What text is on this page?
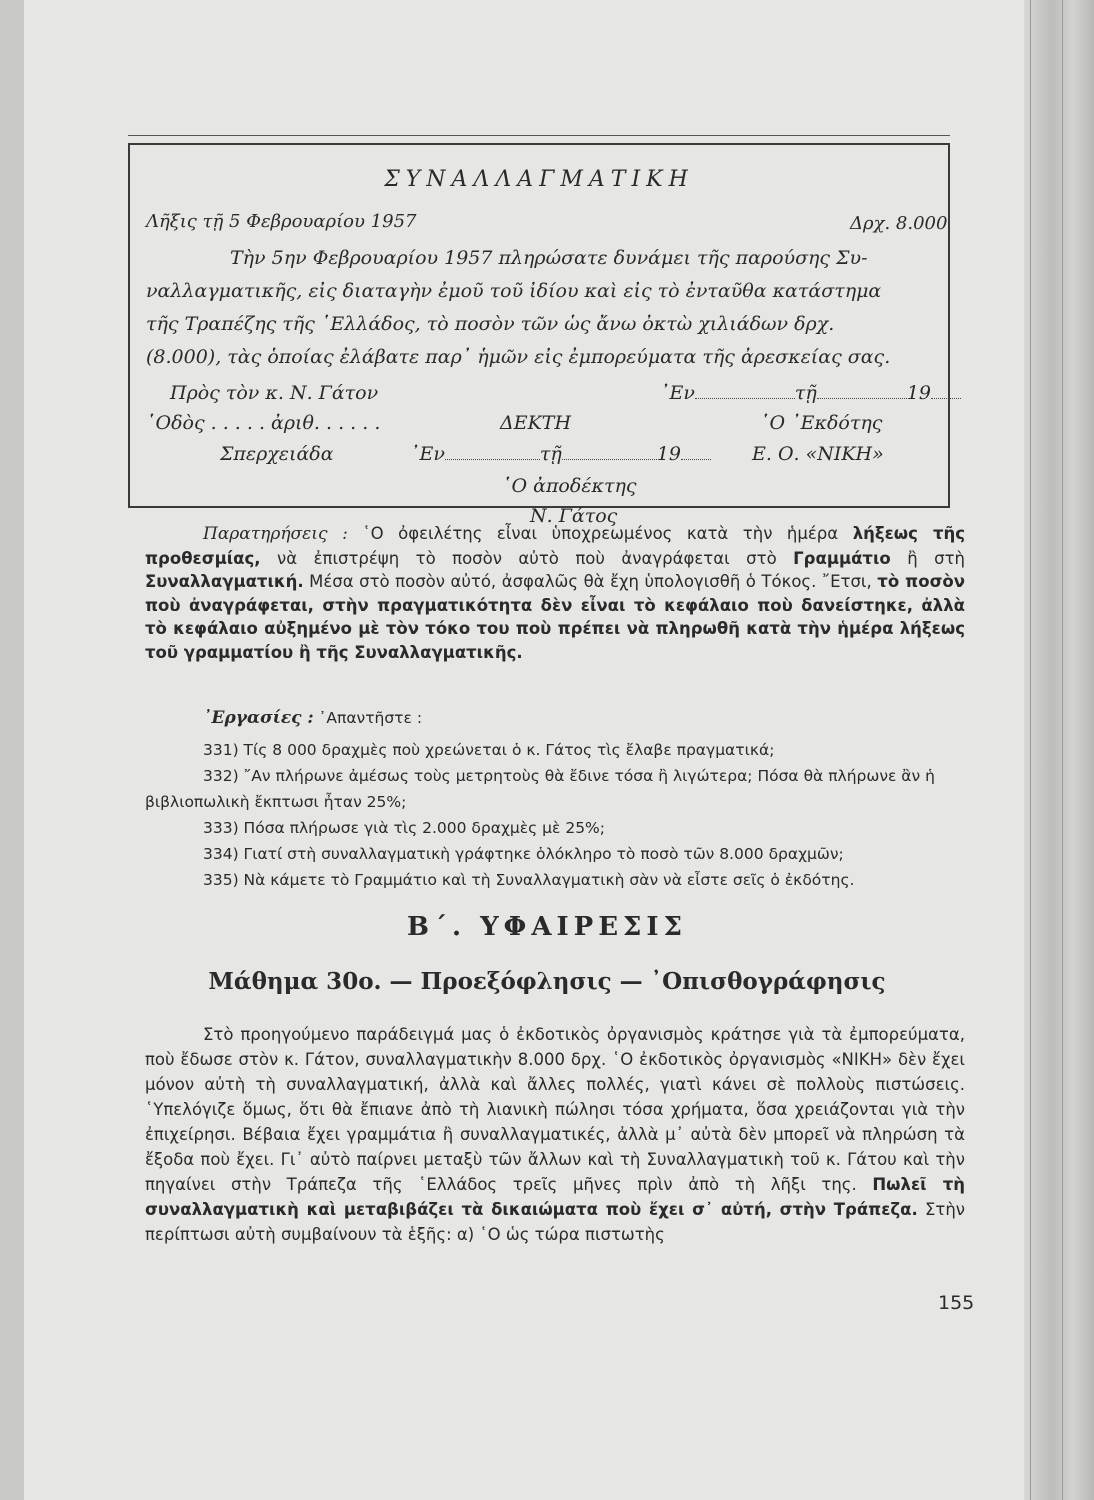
ΣΥΝΑΛΛΑΓΜΑΤΙΚΗ
Λῆξις τῇ 5 Φεβρουαρίου 1957	Δρχ. 8.000
Τὴν 5ην Φεβρουαρίου 1957 πληρώσατε δυνάμει τῆς παρούσης Συ-
ναλλαγματικῆς, εἰς διαταγὴν ἐμοῦ τοῦ ἰδίου καὶ εἰς τὸ ἐνταῦθα κατάστημα
τῆς Τραπέζης τῆς ῾Ελλάδος, τὸ ποσὸν τῶν ὡς ἄνω ὀκτὼ χιλιάδων δρχ.
(8.000), τὰς ὁποίας ἐλάβατε παρ᾽ ἡμῶν εἰς ἐμπορεύματα τῆς ἀρεσκείας σας.
Πρὸς τὸν κ. Ν. Γάτον	᾽Εν	τῇ	19
῾Οδὸς . . . . . ἀριθ. . . . . .	ΔΕΚΤΗ	῾Ο ᾽Εκδότης
Σπερχειάδα	᾽Εν	τῇ	19	Ε. Ο. «ΝΙΚΗ»
῾Ο ἀποδέκτης
Ν. Γάτος

Παρατηρήσεις : ῾Ο ὀφειλέτης εἶναι ὑποχρεωμένος κατὰ τὴν ἡμέρα λήξεως τῆς προθεσμίας, νὰ ἐπιστρέψη τὸ ποσὸν αὐτὸ ποὺ ἀναγράφεται στὸ Γραμμάτιο ἢ στὴ Συναλλαγματική. Μέσα στὸ ποσὸν αὐτό, ἀσφαλῶς θὰ ἔχη ὑπολογισθῆ ὁ Τόκος. ῎Ετσι, τὸ ποσὸν ποὺ ἀναγράφεται, στὴν πραγματικότητα δὲν εἶναι τὸ κεφάλαιο ποὺ δανείστηκε, ἀλλὰ τὸ κεφάλαιο αὐξημένο μὲ τὸν τόκο του ποὺ πρέπει νὰ πληρωθῆ κατὰ τὴν ἡμέρα λήξεως τοῦ γραμματίου ἢ τῆς Συναλλαγματικῆς.

᾽Εργασίες : ᾽Απαντῆστε :

331) Τίς 8 000 δραχμὲς ποὺ χρεώνεται ὁ κ. Γάτος τὶς ἔλαβε πραγματικά;

332) ῎Αν πλήρωνε ἀμέσως τοὺς μετρητοὺς θὰ ἔδινε τόσα ἢ λιγώτερα; Πόσα θὰ πλήρωνε ἂν ἡ βιβλιοπωλικὴ ἔκπτωσι ἦταν 25%;

333) Πόσα πλήρωσε γιὰ τὶς 2.000 δραχμὲς μὲ 25%;

334) Γιατί στὴ συναλλαγματικὴ γράφτηκε ὁλόκληρο τὸ ποσὸ τῶν 8.000 δραχμῶν;

335) Νὰ κάμετε τὸ Γραμμάτιο καὶ τὴ Συναλλαγματικὴ σὰν νὰ εἶστε σεῖς ὁ ἐκδότης.

Β΄. ΥΦΑΙΡΕΣΙΣ
Μάθημα 30ο. — Προεξόφλησις — ᾽Οπισθογράφησις

Στὸ προηγούμενο παράδειγμά μας ὁ ἐκδοτικὸς ὀργανισμὸς κράτησε γιὰ τὰ ἐμπορεύματα, ποὺ ἔδωσε στὸν κ. Γάτον, συναλλαγματικὴν 8.000 δρχ. ῾Ο ἐκδοτικὸς ὀργανισμὸς «ΝΙΚΗ» δὲν ἔχει μόνον αὐτὴ τὴ συναλλαγματική, ἀλλὰ καὶ ἄλλες πολλές, γιατὶ κάνει σὲ πολλοὺς πιστώσεις. ῾Υπελόγιζε ὅμως, ὅτι θὰ ἔπιανε ἀπὸ τὴ λιανικὴ πώλησι τόσα χρήματα, ὅσα χρειάζονται γιὰ τὴν ἐπιχείρησι. Βέβαια ἔχει γραμμάτια ἢ συναλλαγματικές, ἀλλὰ μ᾽ αὐτὰ δὲν μπορεῖ νὰ πληρώση τὰ ἔξοδα ποὺ ἔχει. Γι᾽ αὐτὸ παίρνει μεταξὺ τῶν ἄλλων καὶ τὴ Συναλλαγματικὴ τοῦ κ. Γάτου καὶ τὴν πηγαίνει στὴν Τράπεζα τῆς ῾Ελλάδος τρεῖς μῆνες πρὶν ἀπὸ τὴ λῆξι της. Πωλεῖ τὴ συναλλαγματικὴ καὶ μεταβιβάζει τὰ δικαιώματα ποὺ ἔχει σ᾽ αὐτή, στὴν Τράπεζα. Στὴν περίπτωσι αὐτὴ συμβαίνουν τὰ ἑξῆς: α) ῾Ο ὡς τώρα πιστωτὴς

155
